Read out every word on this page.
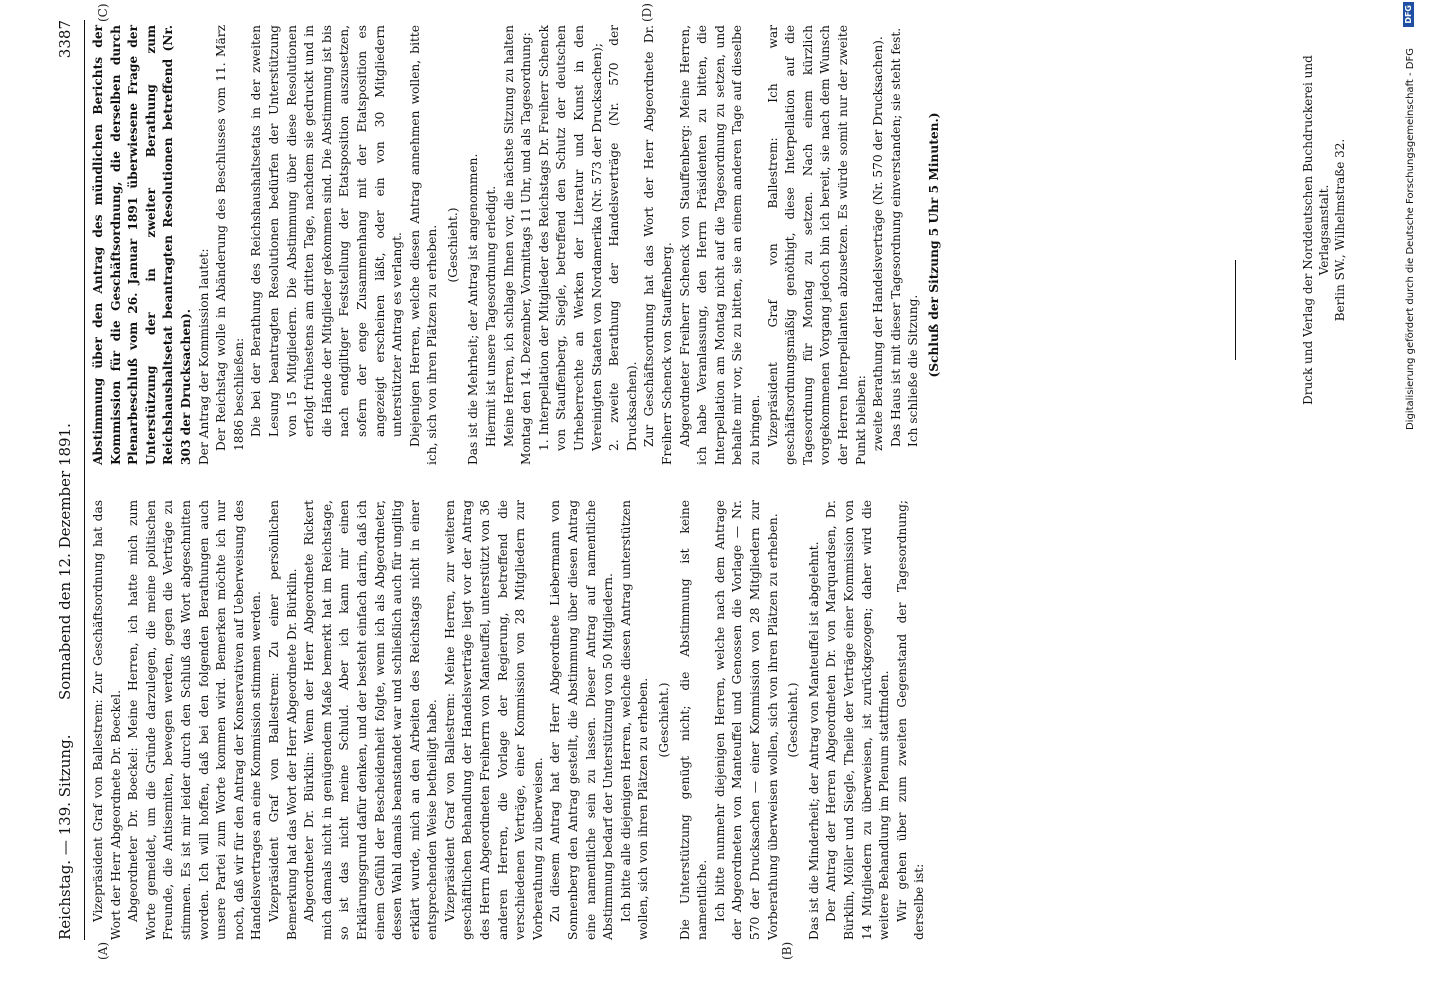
Reichstag. — 139. Sitzung.
Sonnabend den 12. Dezember 1891.
3387
(A)	(B)
(C)	(D)

Vizepräsident Graf von Ballestrem: Zur Geschäftsordnung hat das Wort der Herr Abgeordnete Dr. Boeckel. Abgeordneter Dr. Boeckel: Meine Herren, ich hatte mich zum Worte gemeldet, um die Gründe darzulegen, die meine politischen Freunde, die Antisemiten, bewegen werden, gegen die Verträge zu stimmen. Es ist mir leider durch den Schluß das Wort abgeschnitten worden. Ich will hoffen, daß bei den folgenden Berathungen auch unsere Partei zum Worte kommen wird. Bemerken möchte ich nur noch, daß wir für den Antrag der Konservativen auf Ueberweisung des Handelsvertrages an eine Kommission stimmen werden. Vizepräsident Graf von Ballestrem: Zu einer persönlichen Bemerkung hat das Wort der Herr Abgeordnete Dr. Bürklin. Abgeordneter Dr. Bürklin: Wenn der Herr Abgeordnete Rickert mich damals nicht in genügendem Maße bemerkt hat im Reichstage, so ist das nicht meine Schuld. Aber ich kann mir einen Erklärungsgrund dafür denken, und der besteht einfach darin, daß ich einem Gefühl der Bescheidenheit folgte, wenn ich als Abgeordneter, dessen Wahl damals beanstandet war und schließlich auch für ungiltig erklärt wurde, mich an den Arbeiten des Reichstags nicht in einer entsprechenden Weise betheiligt habe. Vizepräsident Graf von Ballestrem: Meine Herren, zur weiteren geschäftlichen Behandlung der Handelsverträge liegt vor der Antrag des Herrn Abgeordneten Freiherrn von Manteuffel, unterstützt von 36 anderen Herren, die Vorlage der Regierung, betreffend die verschiedenen Verträge, einer Kommission von 28 Mitgliedern zur Vorberathung zu überweisen. Zu diesem Antrag hat der Herr Abgeordnete Liebermann von Sonnenberg den Antrag gestellt, die Abstimmung über diesen Antrag eine namentliche sein zu lassen. Dieser Antrag auf namentliche Abstimmung bedarf der Unterstützung von 50 Mitgliedern. Ich bitte alle diejenigen Herren, welche diesen Antrag unterstützen wollen, sich von ihren Plätzen zu erheben. (Geschieht.) Die Unterstützung genügt nicht; die Abstimmung ist keine namentliche. Ich bitte nunmehr diejenigen Herren, welche nach dem Antrage der Abgeordneten von Manteuffel und Genossen die Vorlage — Nr. 570 der Drucksachen — einer Kommission von 28 Mitgliedern zur Vorberathung überweisen wollen, sich von ihren Plätzen zu erheben. (Geschieht.) Das ist die Minderheit; der Antrag von Manteuffel ist abgelehnt. Der Antrag der Herren Abgeordneten Dr. von Marquardsen, Dr. Bürklin, Möller und Siegle, Theile der Verträge einer Kommission von 14 Mitgliedern zu überweisen, ist zurückgezogen; daher wird die weitere Behandlung im Plenum stattfinden. Wir gehen über zum zweiten Gegenstand der Tagesordnung; derselbe ist:

Abstimmung über den Antrag des mündlichen Berichts der Kommission für die Geschäftsordnung, die derselben durch Plenarbeschluß vom 26. Januar 1891 überwiesene Frage der Unterstützung der in zweiter Berathung zum Reichshaushaltsetat beantragten Resolutionen betreffend (Nr. 303 der Drucksachen). Der Antrag der Kommission lautet: Der Reichstag wolle in Abänderung des Beschlusses vom 11. März 1886 beschließen: Die bei der Berathung des Reichshaushaltsetats in der zweiten Lesung beantragten Resolutionen bedürfen der Unterstützung von 15 Mitgliedern. Die Abstimmung über diese Resolutionen erfolgt frühestens am dritten Tage, nachdem sie gedruckt und in die Hände der Mitglieder gekommen sind. Die Abstimmung ist bis nach endgiltiger Feststellung der Etatsposition auszusetzen, sofern der enge Zusammenhang mit der Etatsposition es angezeigt erscheinen läßt, oder ein von 30 Mitgliedern unterstützter Antrag es verlangt. Diejenigen Herren, welche diesen Antrag annehmen wollen, bitte ich, sich von ihren Plätzen zu erheben. (Geschieht.) Das ist die Mehrheit; der Antrag ist angenommen. Hiermit ist unsere Tagesordnung erledigt. Meine Herren, ich schlage Ihnen vor, die nächste Sitzung zu halten Montag den 14. Dezember, Vormittags 11 Uhr, und als Tagesordnung: 1. Interpellation der Mitglieder des Reichstags Dr. Freiherr Schenck von Stauffenberg, Siegle, betreffend den Schutz der deutschen Urheberrechte an Werken der Literatur und Kunst in den Vereinigten Staaten von Nordamerika (Nr. 573 der Drucksachen); 2. zweite Berathung der Handelsverträge (Nr. 570 der Drucksachen). Zur Geschäftsordnung hat das Wort der Herr Abgeordnete Dr. Freiherr Schenck von Stauffenberg. Abgeordneter Freiherr Schenck von Stauffenberg: Meine Herren, ich habe Veranlassung, den Herrn Präsidenten zu bitten, die Interpellation am Montag nicht auf die Tagesordnung zu setzen, und behalte mir vor, Sie zu bitten, sie an einem anderen Tage auf dieselbe zu bringen. Vizepräsident Graf von Ballestrem: Ich war geschäftsordnungsmäßig genöthigt, diese Interpellation auf die Tagesordnung für Montag zu setzen. Nach einem kürzlich vorgekommenen Vorgang jedoch bin ich bereit, sie nach dem Wunsch der Herren Interpellanten abzusetzen. Es würde somit nur der zweite Punkt bleiben: zweite Berathung der Handelsverträge (Nr. 570 der Drucksachen). Das Haus ist mit dieser Tagesordnung einverstanden; sie steht fest. Ich schließe die Sitzung. (Schluß der Sitzung 5 Uhr 5 Minuten.)	Druck und Verlag der Norddeutschen Buchdruckerei und Verlagsanstalt. Berlin SW., Wilhelmstraße 32.	Digitalisierung gefördert durch die Deutsche Forschungsgemeinschaft - DFG
DFG
